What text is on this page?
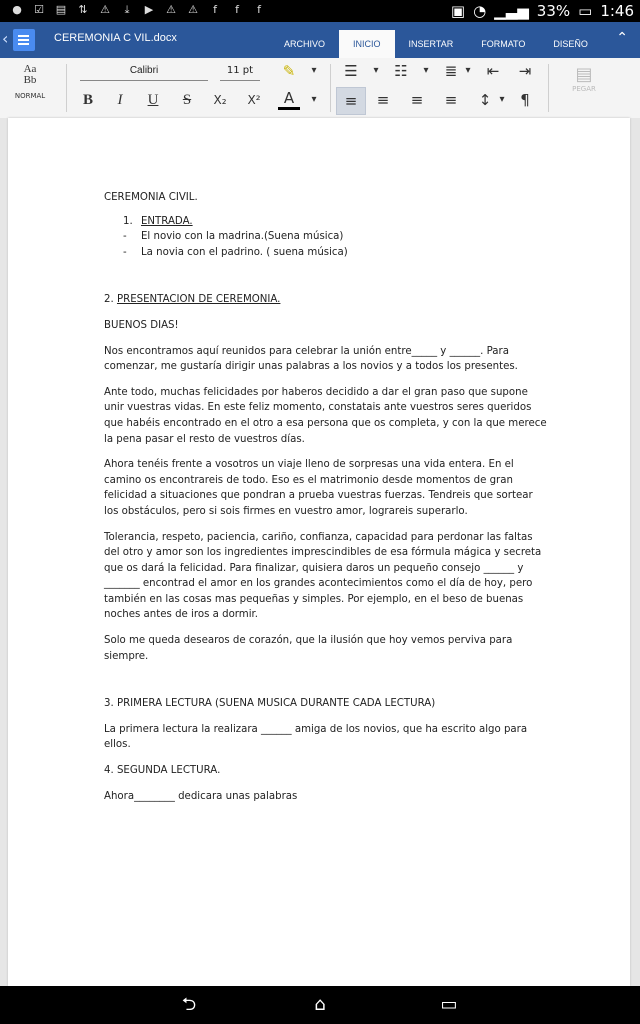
● ☑ ▤ ⇅ ⚠	⤓	▶ ⚠ ⚠	f	f	f	▣ ◔ ▁▃▅ 33% ▭ 1:46
‹	CEREMONIA C VIL.docx	ARCHIVO	INICIO	INSERTAR	FORMATO	DISEÑO	⌃
Aa
Bb
NORMAL
Calibri	11 pt	✎	▾ ☰	▾ ☷	▾	≣ ▾	⇤	⇥	▤
PEGAR
B	I	U	S	X₂	X²	A	▾	≡	≡	≡	≡	↕ ▾	¶

CEREMONIA CIVIL.

1. ENTRADA.
- El novio con la madrina.(Suena música)
- La novia con el padrino. ( suena música)

2. PRESENTACION DE CEREMONIA.

BUENOS DIAS!

Nos encontramos aquí reunidos para celebrar la unión entre_____ y ______. Para comenzar, me gustaría dirigir unas palabras a los novios y a todos los presentes.

Ante todo, muchas felicidades por haberos decidido a dar el gran paso que supone unir vuestras vidas. En este feliz momento, constatais ante vuestros seres queridos que habéis encontrado en el otro a esa persona que os completa, y con la que merece la pena pasar el resto de vuestros días.

Ahora tenéis frente a vosotros un viaje lleno de sorpresas una vida entera. En el camino os encontrareis de todo. Eso es el matrimonio desde momentos de gran felicidad a situaciones que pondran a prueba vuestras fuerzas. Tendreis que sortear los obstáculos, pero si sois firmes en vuestro amor, lograreis superarlo.

Tolerancia, respeto, paciencia, cariño, confianza, capacidad para perdonar las faltas del otro y amor son los ingredientes imprescindibles de esa fórmula mágica y secreta que os dará la felicidad. Para finalizar, quisiera daros un pequeño consejo ______ y _______ encontrad el amor en los grandes acontecimientos como el día de hoy, pero también en las cosas mas pequeñas y simples. Por ejemplo, en el beso de buenas noches antes de iros a dormir.

Solo me queda desearos de corazón, que la ilusión que hoy vemos perviva para siempre.

3. PRIMERA LECTURA (SUENA MUSICA DURANTE CADA LECTURA)

La primera lectura la realizara ______ amiga de los novios, que ha escrito algo para ellos.

4. SEGUNDA LECTURA.

Ahora________ dedicara unas palabras

⮌	⌂	▭
